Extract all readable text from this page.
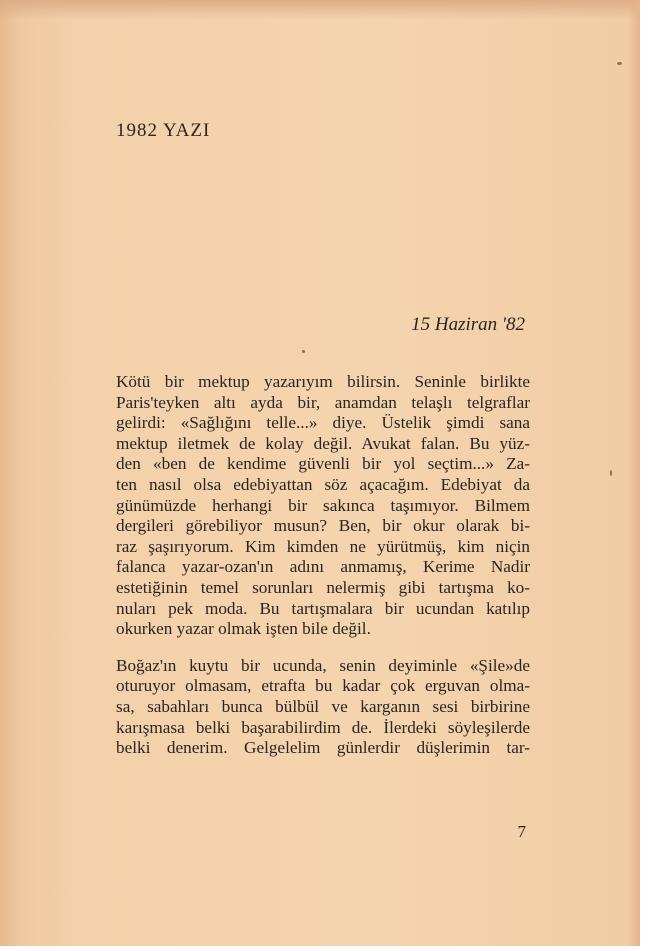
1982 YAZI
15 Haziran '82
Kötü bir mektup yazarıyım bilirsin. Seninle birlikte
Paris'teyken altı ayda bir, anamdan telaşlı telgraflar
gelirdi: «Sağlığını telle...» diye. Üstelik şimdi sana
mektup iletmek de kolay değil. Avukat falan. Bu yüz-
den «ben de kendime güvenli bir yol seçtim...» Za-
ten nasıl olsa edebiyattan söz açacağım. Edebiyat da
günümüzde herhangi bir sakınca taşımıyor. Bilmem
dergileri görebiliyor musun? Ben, bir okur olarak bi-
raz şaşırıyorum. Kim kimden ne yürütmüş, kim niçin
falanca yazar-ozan'ın adını anmamış, Kerime Nadir
estetiğinin temel sorunları nelermiş gibi tartışma ko-
nuları pek moda. Bu tartışmalara bir ucundan katılıp
okurken yazar olmak işten bile değil.
Boğaz'ın kuytu bir ucunda, senin deyiminle «Şile»de
oturuyor olmasam, etrafta bu kadar çok erguvan olma-
sa, sabahları bunca bülbül ve karganın sesi birbirine
karışmasa belki başarabilirdim de. İlerdeki söyleşilerde
belki denerim. Gelgelelim günlerdir düşlerimin tar-
7
